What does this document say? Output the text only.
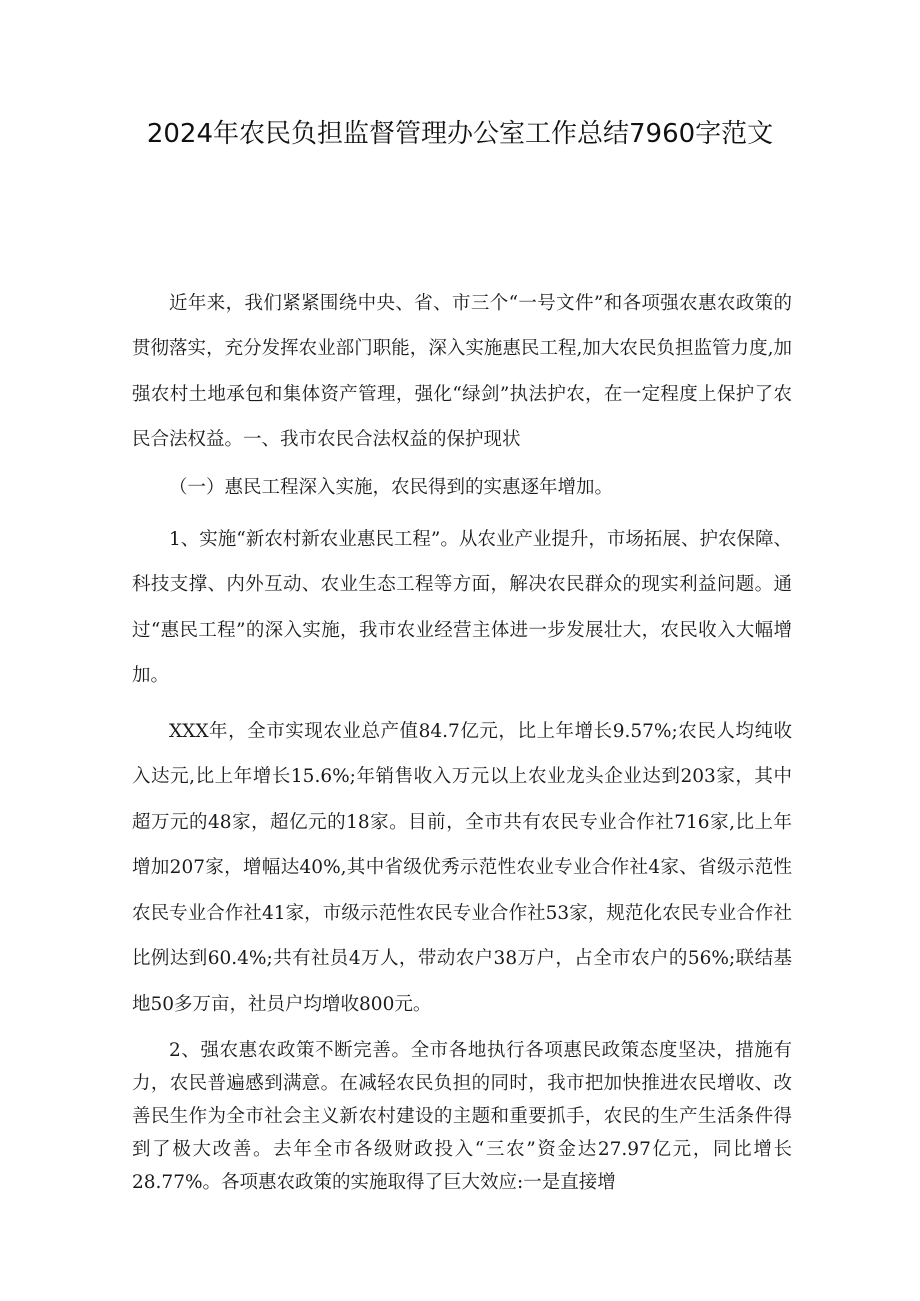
2024年农民负担监督管理办公室工作总结7960字范文

近年来，我们紧紧围绕中央、省、市三个“一号文件”和各项强农惠农政策的贯彻落实，充分发挥农业部门职能，深入实施惠民工程,加大农民负担监管力度,加强农村土地承包和集体资产管理，强化“绿剑”执法护农，在一定程度上保护了农民合法权益。一、我市农民合法权益的保护现状

（一）惠民工程深入实施，农民得到的实惠逐年增加。

1、实施“新农村新农业惠民工程”。从农业产业提升，市场拓展、护农保障、科技支撑、内外互动、农业生态工程等方面，解决农民群众的现实利益问题。通过“惠民工程”的深入实施，我市农业经营主体进一步发展壮大，农民收入大幅增加。

XXX年，全市实现农业总产值84.7亿元，比上年增长9.57%;农民人均纯收入达元,比上年增长15.6%;年销售收入万元以上农业龙头企业达到203家，其中超万元的48家，超亿元的18家。目前，全市共有农民专业合作社716家,比上年增加207家，增幅达40%,其中省级优秀示范性农业专业合作社4家、省级示范性农民专业合作社41家，市级示范性农民专业合作社53家，规范化农民专业合作社比例达到60.4%;共有社员4万人，带动农户38万户，占全市农户的56%;联结基地50多万亩，社员户均增收800元。

2、强农惠农政策不断完善。全市各地执行各项惠民政策态度坚决，措施有力，农民普遍感到满意。在减轻农民负担的同时，我市把加快推进农民增收、改善民生作为全市社会主义新农村建设的主题和重要抓手，农民的生产生活条件得到了极大改善。去年全市各级财政投入“三农”资金达27.97亿元，同比增长28.77%。各项惠农政策的实施取得了巨大效应:一是直接增
